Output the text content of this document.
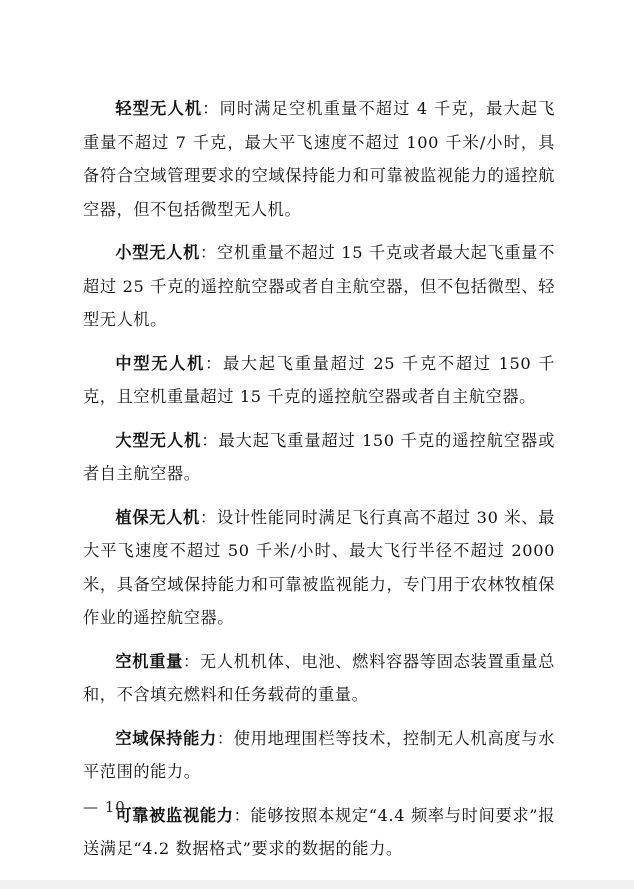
轻型无人机：同时满足空机重量不超过 4 千克，最大起飞重量不超过 7 千克，最大平飞速度不超过 100 千米/小时，具备符合空域管理要求的空域保持能力和可靠被监视能力的遥控航空器，但不包括微型无人机。

小型无人机：空机重量不超过 15 千克或者最大起飞重量不超过 25 千克的遥控航空器或者自主航空器，但不包括微型、轻型无人机。

中型无人机：最大起飞重量超过 25 千克不超过 150 千克，且空机重量超过 15 千克的遥控航空器或者自主航空器。

大型无人机：最大起飞重量超过 150 千克的遥控航空器或者自主航空器。

植保无人机：设计性能同时满足飞行真高不超过 30 米、最大平飞速度不超过 50 千米/小时、最大飞行半径不超过 2000 米，具备空域保持能力和可靠被监视能力，专门用于农林牧植保作业的遥控航空器。

空机重量：无人机机体、电池、燃料容器等固态装置重量总和，不含填充燃料和任务载荷的重量。

空域保持能力：使用地理围栏等技术，控制无人机高度与水平范围的能力。

可靠被监视能力：能够按照本规定“4.4 频率与时间要求”报送满足“4.2 数据格式”要求的数据的能力。

— 10 —
